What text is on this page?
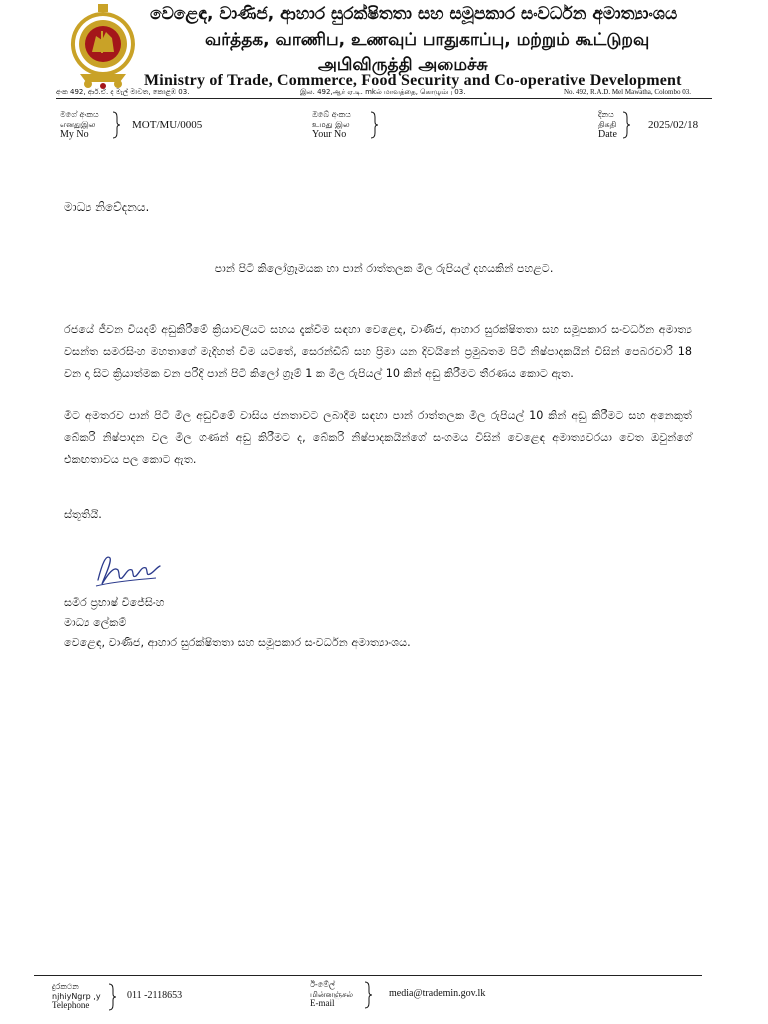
වෙළෙඳ, වාණිජ, ආහාර සුරක්ෂිතතා සහ සමූපකාර සංවර්ධන අමාත්‍යාංශය
வர்த்தக, வாணிப, உணவுப் பாதுகாப்பு, மற்றும் கூட்டுறவு
அபிவிருத்தி அமைச்சு
Ministry of Trade, Commerce, Food Security and Co-operative Development
අංක 492, ආර්.ඒ. ද මැල් මාවත, කොළඹ 03.	இல. 492,ஆர் ஏ.டி. mkல் மாவத்தை, கொழும்பு 03.	No. 492, R.A.D. Mel Mawatha, Colombo 03.
මගේ අංකය
எனதுஇல
My No
MOT/MU/0005
ඔබේ අංකය
உமது இல
Your No
දිනය
திகதி
Date
2025/02/18
මාධ්‍ය නිවේදනය.
පාන් පිටි කිලෝග්‍රෑමයක හා පාන් රාත්තලක මිල රුපියල් දහයකින් පහළට.
රජයේ ජීවන වියදම් අඩුකිරීමේ ක්‍රියාවලියට සහය දැක්වීම සඳහා වෙළෙඳ, වාණිජ, ආහාර සුරක්ෂිතතා සහ සමූපකාර සංවර්ධන අමාත්‍ය වසන්ත සමරසිංහ මහතාගේ මැදිහත් වීම යටතේ, සෙරන්ඩිබ් සහ ප්‍රිමා යන දිවයිනේ ප්‍රමුඛතම පිටි නිෂ්පාදකයින් විසින් පෙබරවාරි 18 වන දා සිට ක්‍රියාත්මක වන පරිදි පාන් පිටි කිලෝ ග්‍රෑම් 1 ක මිල රුපියල් 10 කින් අඩු කිරීමට තීරණය කොට ඇත.
මීට අමතරව පාන් පිටි මිල අඩුවීමේ වාසිය ජනතාවට ලබාදීම සඳහා පාන් රාත්තලක මිල රුපියල් 10 කින් අඩු කිරීමට සහ අනෙකුත් බේකරි නිෂ්පාදන වල මිල ගණන් අඩු කිරීමට ද, බේකරි නිෂ්පාදකයින්ගේ සංගමය විසින් වෙළෙඳ අමාත්‍යවරයා වෙත ඔවුන්ගේ එකඟතාවය පල කොට ඇත.
ස්තූතියි.
සමීර ප්‍රභාෂ් විජේසිංහ
මාධ්‍ය ලේකම්
වෙළෙඳ, වාණිජ, ආහාර සුරක්ෂිතතා සහ සමූපකාර සංවර්ධන අමාත්‍යාංශය.
දුරකථන
njhiyNgrp ,y
Telephone
011 -2118653
ඊ-මේල්
மின்னஞ்சல்
E-mail
media@trademin.gov.lk
